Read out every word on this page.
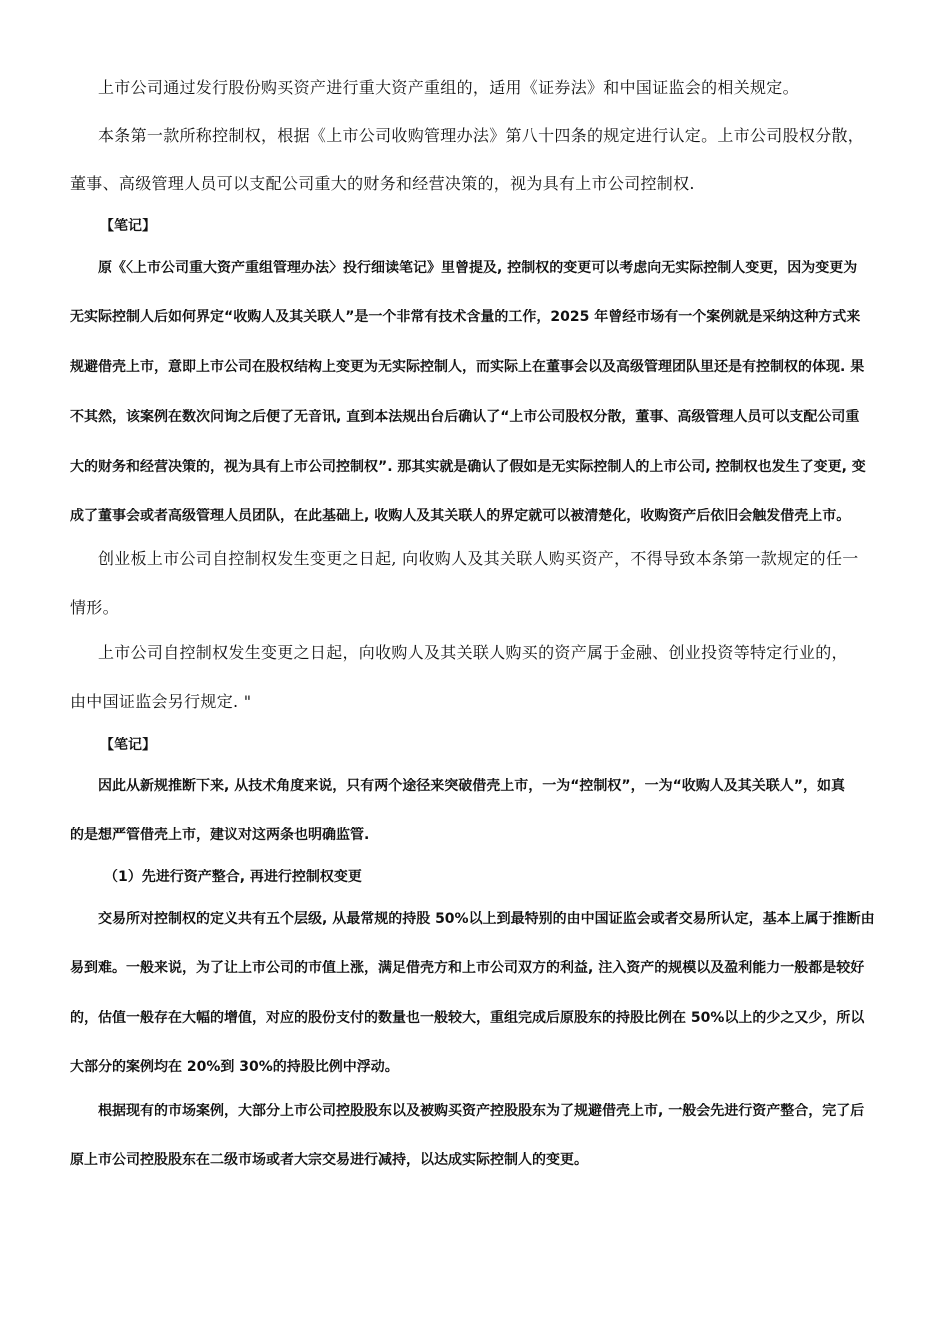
上市公司通过发行股份购买资产进行重大资产重组的，适用《证券法》和中国证监会的相关规定。
本条第一款所称控制权，根据《上市公司收购管理办法》第八十四条的规定进行认定。上市公司股权分散，
董事、高级管理人员可以支配公司重大的财务和经营决策的，视为具有上市公司控制权.
【笔记】
原《〈上市公司重大资产重组管理办法〉投行细读笔记》里曾提及, 控制权的变更可以考虑向无实际控制人变更，因为变更为
无实际控制人后如何界定“收购人及其关联人”是一个非常有技术含量的工作，2025 年曾经市场有一个案例就是采纳这种方式来
规避借壳上市，意即上市公司在股权结构上变更为无实际控制人，而实际上在董事会以及高级管理团队里还是有控制权的体现. 果
不其然，该案例在数次问询之后便了无音讯, 直到本法规出台后确认了“上市公司股权分散，董事、高级管理人员可以支配公司重
大的财务和经营决策的，视为具有上市公司控制权”. 那其实就是确认了假如是无实际控制人的上市公司, 控制权也发生了变更, 变
成了董事会或者高级管理人员团队，在此基础上, 收购人及其关联人的界定就可以被清楚化，收购资产后依旧会触发借壳上市。
创业板上市公司自控制权发生变更之日起, 向收购人及其关联人购买资产，不得导致本条第一款规定的任一
情形。
上市公司自控制权发生变更之日起，向收购人及其关联人购买的资产属于金融、创业投资等特定行业的，
由中国证监会另行规定. "
【笔记】
因此从新规推断下来, 从技术角度来说，只有两个途径来突破借壳上市，一为“控制权”，一为“收购人及其关联人”，如真
的是想严管借壳上市，建议对这两条也明确监管.
（1）先进行资产整合, 再进行控制权变更
交易所对控制权的定义共有五个层级, 从最常规的持股 50%以上到最特别的由中国证监会或者交易所认定，基本上属于推断由
易到难。一般来说，为了让上市公司的市值上涨，满足借壳方和上市公司双方的利益, 注入资产的规模以及盈利能力一般都是较好
的，估值一般存在大幅的增值，对应的股份支付的数量也一般较大，重组完成后原股东的持股比例在 50%以上的少之又少，所以
大部分的案例均在 20%到 30%的持股比例中浮动。
根据现有的市场案例，大部分上市公司控股股东以及被购买资产控股股东为了规避借壳上市, 一般会先进行资产整合，完了后
原上市公司控股股东在二级市场或者大宗交易进行减持，以达成实际控制人的变更。
